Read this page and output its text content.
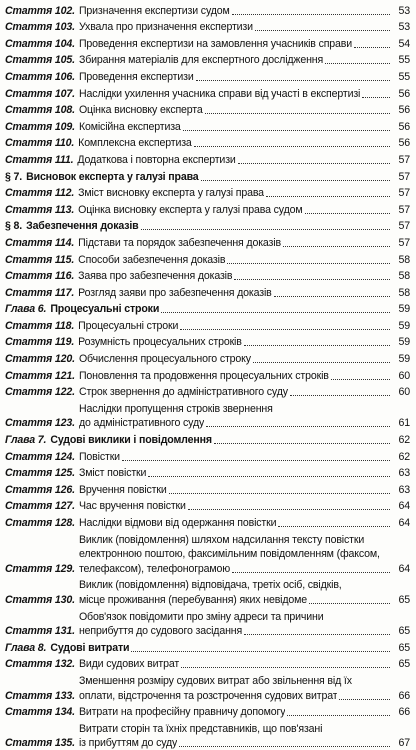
Стаття 102. Призначення експертизи судом	53
Стаття 103. Ухвала про призначення експертизи	53
Стаття 104. Проведення експертизи на замовлення учасників справи	54
Стаття 105. Збирання матеріалів для експертного дослідження	55
Стаття 106. Проведення експертизи	55
Стаття 107. Наслідки ухилення учасника справи від участі в експертизі	56
Стаття 108. Оцінка висновку експерта	56
Стаття 109. Комісійна експертиза	56
Стаття 110. Комплексна експертиза	56
Стаття 111. Додаткова і повторна експертизи	57
§ 7. Висновок експерта у галузі права	57
Стаття 112. Зміст висновку експерта у галузі права	57
Стаття 113. Оцінка висновку експерта у галузі права судом	57
§ 8. Забезпечення доказів	57
Стаття 114. Підстави та порядок забезпечення доказів	57
Стаття 115. Способи забезпечення доказів	58
Стаття 116. Заява про забезпечення доказів	58
Стаття 117. Розгляд заяви про забезпечення доказів	58
Глава 6. Процесуальні строки	59
Стаття 118. Процесуальні строки	59
Стаття 119. Розумність процесуальних строків	59
Стаття 120. Обчислення процесуального строку	59
Стаття 121. Поновлення та продовження процесуальних строків	60
Стаття 122. Строк звернення до адміністративного суду	60
Стаття 123.
Наслідки пропущення строків звернення
до адміністративного суду	61
Глава 7. Судові виклики і повідомлення	62
Стаття 124. Повістки	62
Стаття 125. Зміст повістки	63
Стаття 126. Вручення повістки	63
Стаття 127. Час вручення повістки	64
Стаття 128. Наслідки відмови від одержання повістки	64
Стаття 129.
Виклик (повідомлення) шляхом надсилання тексту повістки
електронною поштою, факсимільним повідомленням (факсом,
телефаксом), телефонограмою	64
Стаття 130.
Виклик (повідомлення) відповідача, третіх осіб, свідків,
місце проживання (перебування) яких невідоме	65
Стаття 131.
Обов'язок повідомити про зміну адреси та причини
неприбуття до судового засідання	65
Глава 8. Судові витрати	65
Стаття 132. Види судових витрат	65
Стаття 133.
Зменшення розміру судових витрат або звільнення від їх
оплати, відстрочення та розстрочення судових витрат	66
Стаття 134. Витрати на професійну правничу допомогу	66
Стаття 135.
Витрати сторін та їхніх представників, що пов'язані
із прибуттям до суду	67
